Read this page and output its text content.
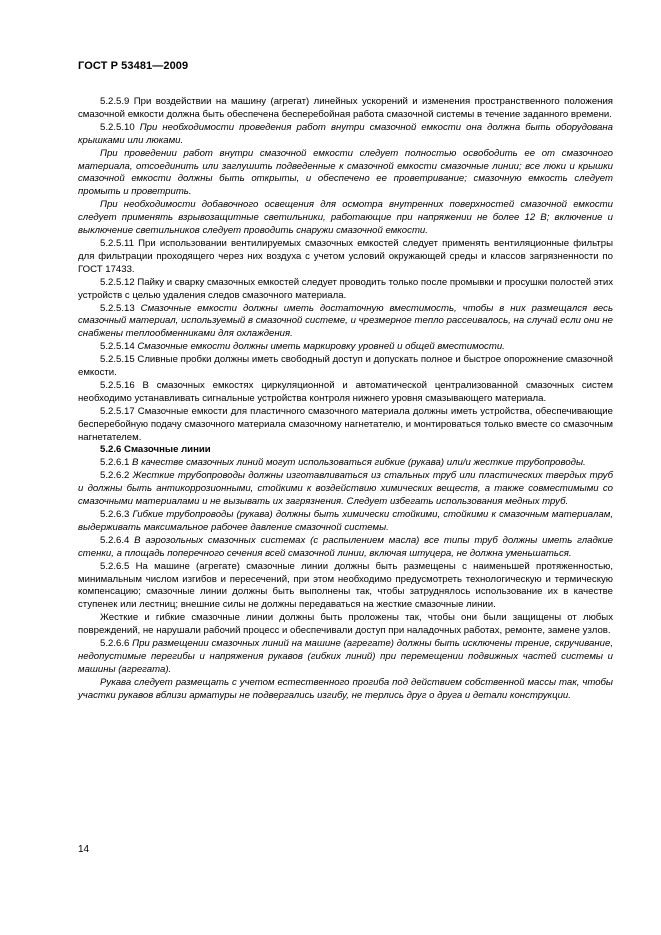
ГОСТ Р 53481—2009

5.2.5.9 При воздействии на машину (агрегат) линейных ускорений и изменения пространственного положения смазочной емкости должна быть обеспечена бесперебойная работа смазочной системы в течение заданного времени.

5.2.5.10 При необходимости проведения работ внутри смазочной емкости она должна быть оборудована крышками или люками.

При проведении работ внутри смазочной емкости следует полностью освободить ее от смазочного материала, отсоединить или заглушить подведенные к смазочной емкости смазочные линии; все люки и крышки смазочной емкости должны быть открыты, и обеспечено ее проветривание; смазочную емкость следует промыть и проветрить.

При необходимости добавочного освещения для осмотра внутренних поверхностей смазочной емкости следует применять взрывозащитные светильники, работающие при напряжении не более 12 В; включение и выключение светильников следует проводить снаружи смазочной емкости.

5.2.5.11 При использовании вентилируемых смазочных емкостей следует применять вентиляционные фильтры для фильтрации проходящего через них воздуха с учетом условий окружающей среды и классов загрязненности по ГОСТ 17433.

5.2.5.12 Пайку и сварку смазочных емкостей следует проводить только после промывки и просушки полостей этих устройств с целью удаления следов смазочного материала.

5.2.5.13 Смазочные емкости должны иметь достаточную вместимость, чтобы в них размещался весь смазочный материал, используемый в смазочной системе, и чрезмерное тепло рассеивалось, на случай если они не снабжены теплообменниками для охлаждения.

5.2.5.14 Смазочные емкости должны иметь маркировку уровней и общей вместимости.

5.2.5.15 Сливные пробки должны иметь свободный доступ и допускать полное и быстрое опорожнение смазочной емкости.

5.2.5.16 В смазочных емкостях циркуляционной и автоматической централизованной смазочных систем необходимо устанавливать сигнальные устройства контроля нижнего уровня смазывающего материала.

5.2.5.17 Смазочные емкости для пластичного смазочного материала должны иметь устройства, обеспечивающие бесперебойную подачу смазочного материала смазочному нагнетателю, и монтироваться только вместе со смазочным нагнетателем.

5.2.6 Смазочные линии

5.2.6.1 В качестве смазочных линий могут использоваться гибкие (рукава) или/и жесткие трубопроводы.

5.2.6.2 Жесткие трубопроводы должны изготавливаться из стальных труб или пластических твердых труб и должны быть антикоррозионными, стойкими к воздействию химических веществ, а также совместимыми со смазочными материалами и не вызывать их загрязнения. Следует избегать использования медных труб.

5.2.6.3 Гибкие трубопроводы (рукава) должны быть химически стойкими, стойкими к смазочным материалам, выдерживать максимальное рабочее давление смазочной системы.

5.2.6.4 В аэрозольных смазочных системах (с распылением масла) все типы труб должны иметь гладкие стенки, а площадь поперечного сечения всей смазочной линии, включая штуцера, не должна уменьшаться.

5.2.6.5 На машине (агрегате) смазочные линии должны быть размещены с наименьшей протяженностью, минимальным числом изгибов и пересечений, при этом необходимо предусмотреть технологическую и термическую компенсацию; смазочные линии должны быть выполнены так, чтобы затруднялось использование их в качестве ступенек или лестниц; внешние силы не должны передаваться на жесткие смазочные линии.

Жесткие и гибкие смазочные линии должны быть проложены так, чтобы они были защищены от любых повреждений, не нарушали рабочий процесс и обеспечивали доступ при наладочных работах, ремонте, замене узлов.

5.2.6.6 При размещении смазочных линий на машине (агрегате) должны быть исключены трение, скручивание, недопустимые перегибы и напряжения рукавов (гибких линий) при перемещении подвижных частей системы и машины (агрегата).

Рукава следует размещать с учетом естественного прогиба под действием собственной массы так, чтобы участки рукавов вблизи арматуры не подвергались изгибу, не терлись друг о друга и детали конструкции.

14
